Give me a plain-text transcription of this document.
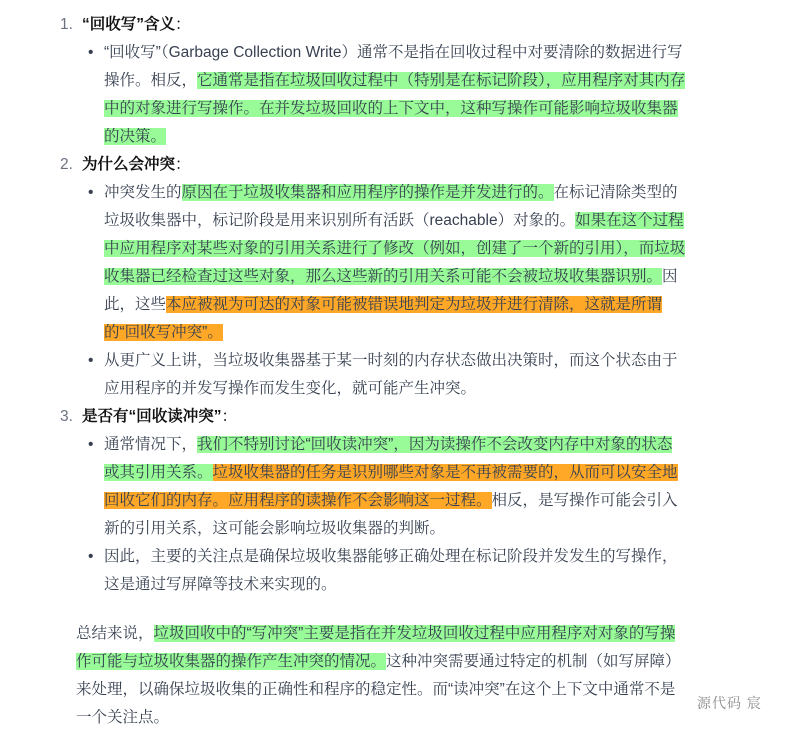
1. “回收写”含义：
• “回收写”（Garbage Collection Write）通常不是指在回收过程中对要清除的数据进行写操作。相反，它通常是指在垃圾回收过程中（特别是在标记阶段），应用程序对其内存中的对象进行写操作。在并发垃圾回收的上下文中，这种写操作可能影响垃圾收集器的决策。
2. 为什么会冲突：
• 冲突发生的原因在于垃圾收集器和应用程序的操作是并发进行的。在标记清除类型的垃圾收集器中，标记阶段是用来识别所有活跃（reachable）对象的。如果在这个过程中应用程序对某些对象的引用关系进行了修改（例如，创建了一个新的引用），而垃圾收集器已经检查过这些对象，那么这些新的引用关系可能不会被垃圾收集器识别。因此，这些本应被视为可达的对象可能被错误地判定为垃圾并进行清除，这就是所谓的“回收写冲突”。
• 从更广义上讲，当垃圾收集器基于某一时刻的内存状态做出决策时，而这个状态由于应用程序的并发写操作而发生变化，就可能产生冲突。
3. 是否有“回收读冲突”：
• 通常情况下，我们不特别讨论“回收读冲突”，因为读操作不会改变内存中对象的状态或其引用关系。垃圾收集器的任务是识别哪些对象是不再被需要的，从而可以安全地回收它们的内存。应用程序的读操作不会影响这一过程。相反，是写操作可能会引入新的引用关系，这可能会影响垃圾收集器的判断。
• 因此，主要的关注点是确保垃圾收集器能够正确处理在标记阶段并发发生的写操作，这是通过写屏障等技术来实现的。

总结来说，垃圾回收中的“写冲突”主要是指在并发垃圾回收过程中应用程序对对象的写操作可能与垃圾收集器的操作产生冲突的情况。这种冲突需要通过特定的机制（如写屏障）来处理，以确保垃圾收集的正确性和程序的稳定性。而“读冲突”在这个上下文中通常不是一个关注点。

源代码 宸
